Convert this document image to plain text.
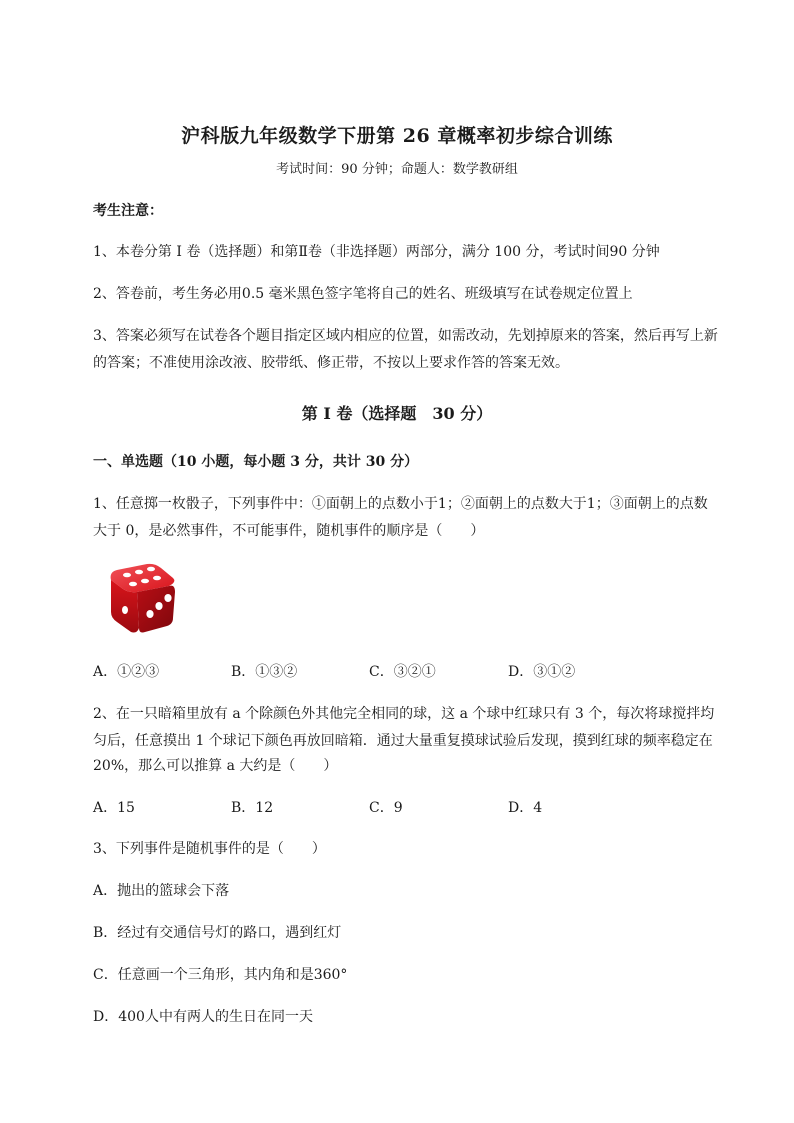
沪科版九年级数学下册第 26 章概率初步综合训练
考试时间：90 分钟；命题人：数学教研组
考生注意：
1、本卷分第 I 卷（选择题）和第Ⅱ卷（非选择题）两部分，满分 100 分，考试时间90 分钟
2、答卷前，考生务必用0.5 毫米黑色签字笔将自己的姓名、班级填写在试卷规定位置上
3、答案必须写在试卷各个题目指定区域内相应的位置，如需改动，先划掉原来的答案，然后再写上新
的答案；不准使用涂改液、胶带纸、修正带，不按以上要求作答的答案无效。
第 I 卷（选择题　30 分）
一、单选题（10 小题，每小题 3 分，共计 30 分）
1、任意掷一枚骰子，下列事件中：①面朝上的点数小于1；②面朝上的点数大于1；③面朝上的点数
大于 0，是必然事件，不可能事件，随机事件的顺序是（　　）
A．①②③	B．①③②	C．③②①	D．③①②
2、在一只暗箱里放有 a 个除颜色外其他完全相同的球，这 a 个球中红球只有 3 个，每次将球搅拌均
匀后，任意摸出 1 个球记下颜色再放回暗箱．通过大量重复摸球试验后发现，摸到红球的频率稳定在
20%，那么可以推算 a 大约是（　　）
A．15	B．12	C．9	D．4
3、下列事件是随机事件的是（　　）
A．抛出的篮球会下落
B．经过有交通信号灯的路口，遇到红灯
C．任意画一个三角形，其内角和是360°
D．400人中有两人的生日在同一天
